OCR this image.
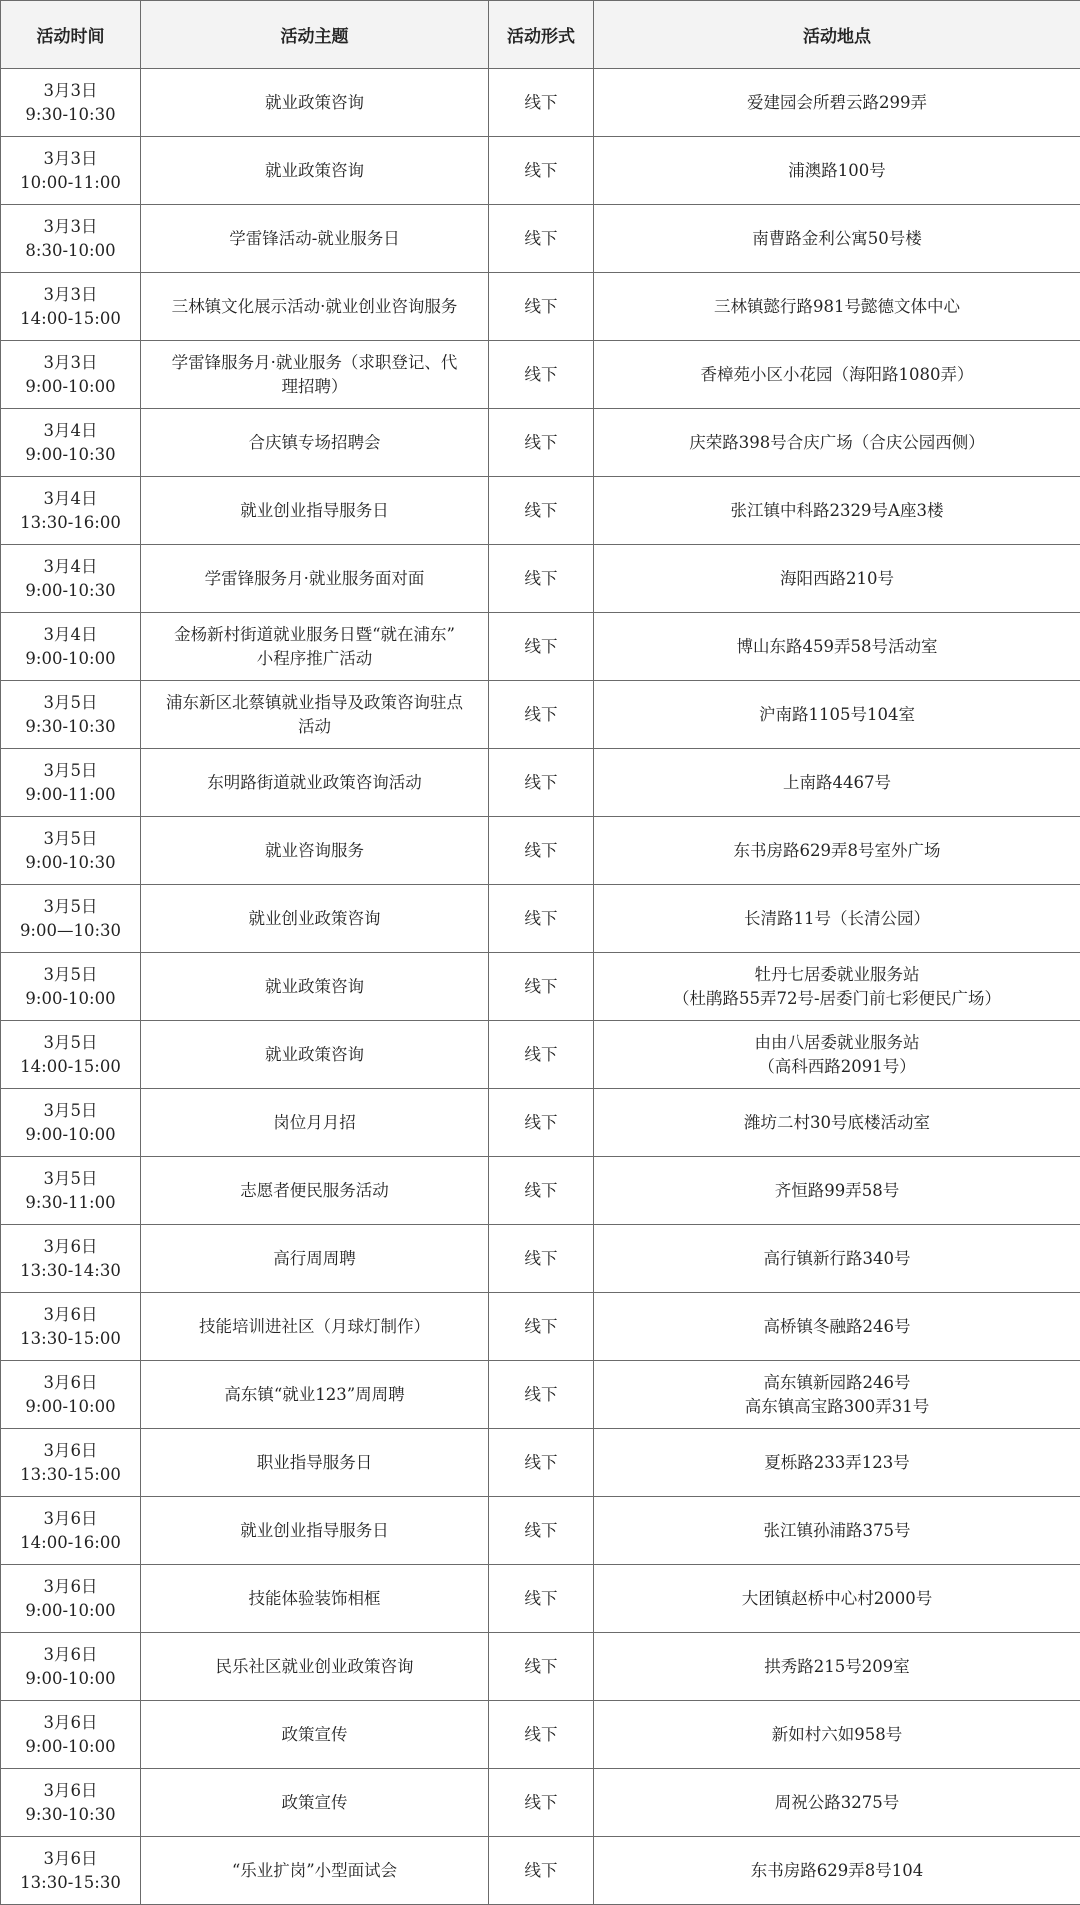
活动时间	活动主题	活动形式	活动地点

3月3日
9:30-10:30	就业政策咨询	线下	爱建园会所碧云路299弄

3月3日
10:00-11:00	就业政策咨询	线下	浦澳路100号

3月3日
8:30-10:00	学雷锋活动-就业服务日	线下	南曹路金利公寓50号楼

3月3日
14:00-15:00	三林镇文化展示活动·就业创业咨询服务	线下	三林镇懿行路981号懿德文体中心

3月3日
9:00-10:00	学雷锋服务月·就业服务（求职登记、代
理招聘）	线下	香樟苑小区小花园（海阳路1080弄）

3月4日
9:00-10:30	合庆镇专场招聘会	线下	庆荣路398号合庆广场（合庆公园西侧）

3月4日
13:30-16:00	就业创业指导服务日	线下	张江镇中科路2329号A座3楼

3月4日
9:00-10:30	学雷锋服务月·就业服务面对面	线下	海阳西路210号

3月4日
9:00-10:00	金杨新村街道就业服务日暨“就在浦东”
小程序推广活动	线下	博山东路459弄58号活动室

3月5日
9:30-10:30	浦东新区北蔡镇就业指导及政策咨询驻点
活动	线下	沪南路1105号104室

3月5日
9:00-11:00	东明路街道就业政策咨询活动	线下	上南路4467号

3月5日
9:00-10:30	就业咨询服务	线下	东书房路629弄8号室外广场

3月5日
9:00—10:30	就业创业政策咨询	线下	长清路11号（长清公园）

3月5日
9:00-10:00	就业政策咨询	线下	牡丹七居委就业服务站
（杜鹃路55弄72号-居委门前七彩便民广场）

3月5日
14:00-15:00	就业政策咨询	线下	由由八居委就业服务站
（高科西路2091号）

3月5日
9:00-10:00	岗位月月招	线下	潍坊二村30号底楼活动室

3月5日
9:30-11:00	志愿者便民服务活动	线下	齐恒路99弄58号

3月6日
13:30-14:30	高行周周聘	线下	高行镇新行路340号

3月6日
13:30-15:00	技能培训进社区（月球灯制作）	线下	高桥镇冬融路246号

3月6日
9:00-10:00	高东镇“就业123”周周聘	线下	高东镇新园路246号
高东镇高宝路300弄31号

3月6日
13:30-15:00	职业指导服务日	线下	夏栎路233弄123号

3月6日
14:00-16:00	就业创业指导服务日	线下	张江镇孙浦路375号

3月6日
9:00-10:00	技能体验装饰相框	线下	大团镇赵桥中心村2000号

3月6日
9:00-10:00	民乐社区就业创业政策咨询	线下	拱秀路215号209室

3月6日
9:00-10:00	政策宣传	线下	新如村六如958号

3月6日
9:30-10:30	政策宣传	线下	周祝公路3275号

3月6日
13:30-15:30	“乐业扩岗”小型面试会	线下	东书房路629弄8号104
